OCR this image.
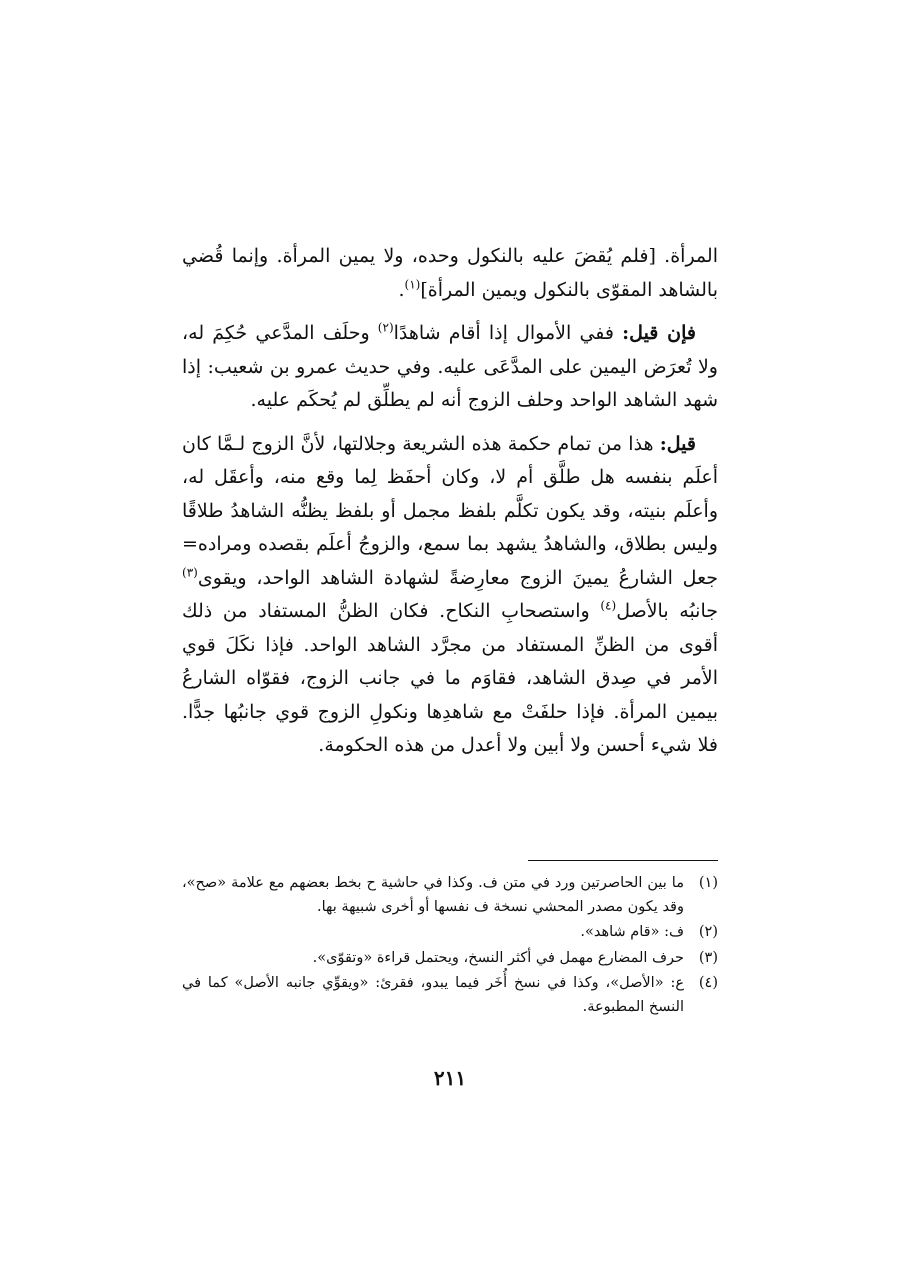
المرأة. [فلم يُقضَ عليه بالنكول وحده، ولا يمين المرأة. وإنما قُضي بالشاهد المقوّى بالنكول ويمين المرأة]$^{(١)}$.

فإن قيل: ففي الأموال إذا أقام شاهدًا$^{(٢)}$ وحلَف المدَّعي حُكِمَ له، ولا تُعرَض اليمين على المدَّعَى عليه. وفي حديث عمرو بن شعيب: إذا شهد الشاهد الواحد وحلف الزوج أنه لم يطلِّق لم يُحكَم عليه.

قيل: هذا من تمام حكمة هذه الشريعة وجلالتها، لأنَّ الزوج لـمَّا كان أعلَم بنفسه هل طلَّق أم لا، وكان أحفَظ لِما وقع منه، وأعقَل له، وأعلَم بنيته، وقد يكون تكلَّم بلفظ مجمل أو بلفظ يظنُّه الشاهدُ طلاقًا وليس بطلاق، والشاهدُ يشهد بما سمع، والزوجُ أعلَم بقصده ومراده= جعل الشارعُ يمينَ الزوج معارِضةً لشهادة الشاهد الواحد، ويقوى$^{(٣)}$ جانبُه بالأصل$^{(٤)}$ واستصحابِ النكاح. فكان الظنُّ المستفاد من ذلك أقوى من الظنِّ المستفاد من مجرَّد الشاهد الواحد. فإذا نكَلَ قوي الأمر في صِدق الشاهد، فقاوَم ما في جانب الزوج، فقوّاه الشارعُ بيمين المرأة. فإذا حلفَتْ مع شاهدِها ونكولِ الزوج قوي جانبُها جدًّا. فلا شيء أحسن ولا أبين ولا أعدل من هذه الحكومة.

(١)
ما بين الحاصرتين ورد في متن ف. وكذا في حاشية ح بخط بعضهم مع علامة «صح»، وقد يكون مصدر المحشي نسخة ف نفسها أو أخرى شبيهة بها.
(٢)
ف: «قام شاهد».
(٣)
حرف المضارع مهمل في أكثر النسخ، ويحتمل قراءة «وتقوّى».
(٤)
ع: «الأصل»، وكذا في نسخ أُخَر فيما يبدو، فقرئ: «ويقوِّي جانبه الأصل» كما في النسخ المطبوعة.
٢١١
